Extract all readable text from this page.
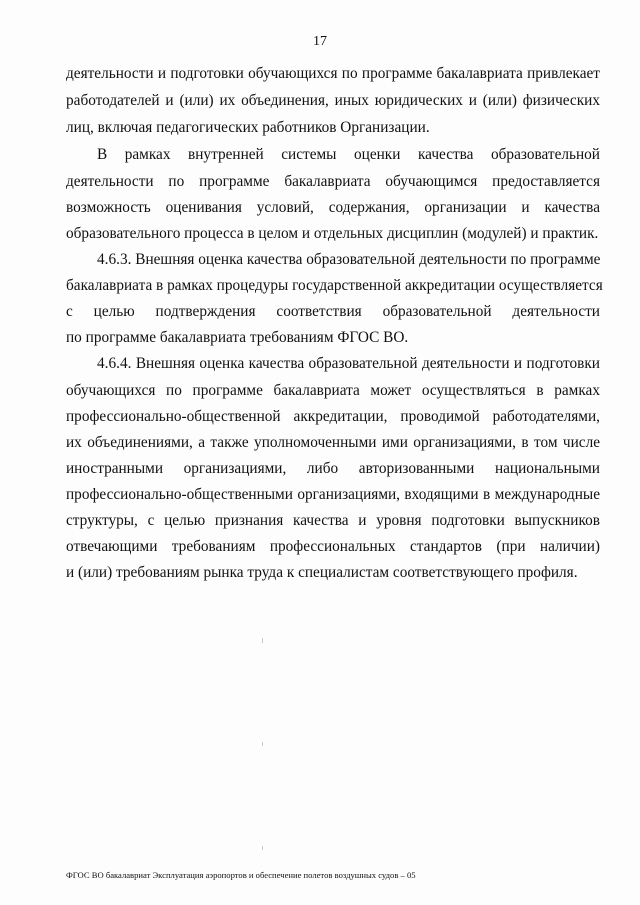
17
деятельности и подготовки обучающихся по программе бакалавриата привлекает
работодателей и (или) их объединения, иных юридических и (или) физических
лиц, включая педагогических работников Организации.
В рамках внутренней системы оценки качества образовательной
деятельности по программе бакалавриата обучающимся предоставляется
возможность оценивания условий, содержания, организации и качества
образовательного процесса в целом и отдельных дисциплин (модулей) и практик.
4.6.3. Внешняя оценка качества образовательной деятельности по программе
бакалавриата в рамках процедуры государственной аккредитации осуществляется
с целью подтверждения соответствия образовательной деятельности
по программе бакалавриата требованиям ФГОС ВО.
4.6.4. Внешняя оценка качества образовательной деятельности и подготовки
обучающихся по программе бакалавриата может осуществляться в рамках
профессионально-общественной аккредитации, проводимой работодателями,
их объединениями, а также уполномоченными ими организациями, в том числе
иностранными организациями, либо авторизованными национальными
профессионально-общественными организациями, входящими в международные
структуры, с целью признания качества и уровня подготовки выпускников
отвечающими требованиям профессиональных стандартов (при наличии)
и (или) требованиям рынка труда к специалистам соответствующего профиля.
ФГОС ВО бакалавриат Эксплуатация аэропортов и обеспечение полетов воздушных судов – 05
